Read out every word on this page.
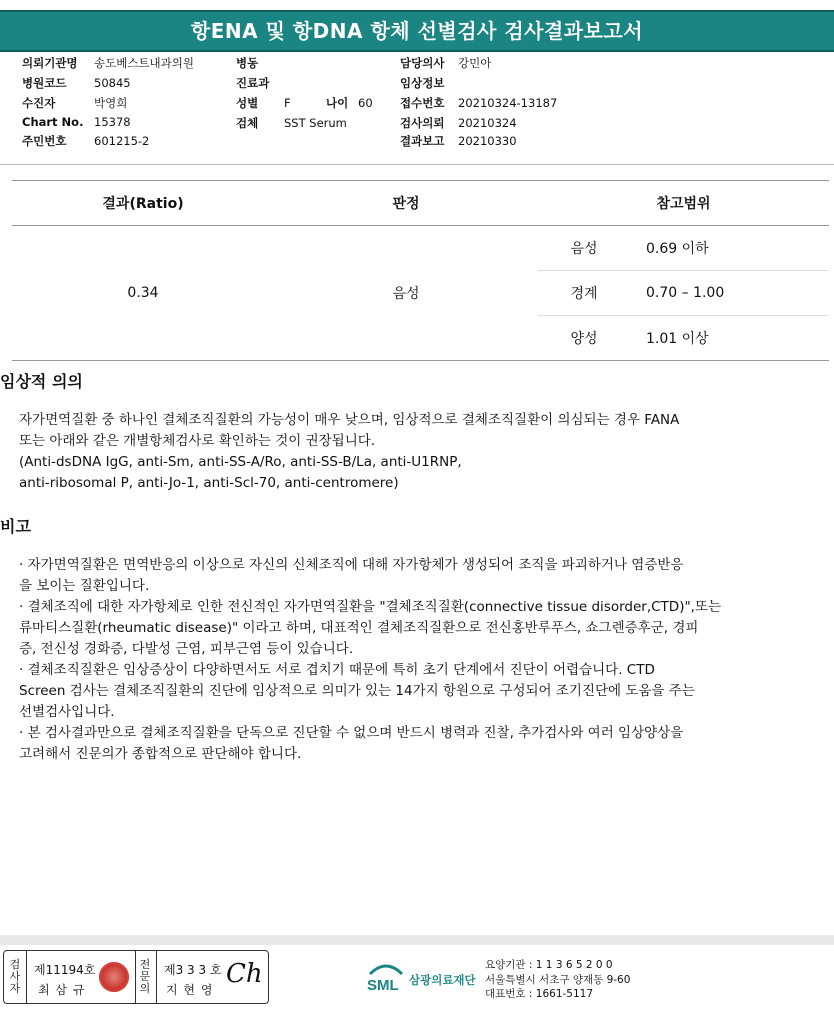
항ENA 및 항DNA 항체 선별검사 검사결과보고서
의뢰기관명 송도베스트내과의원
병원코드 50845
수진자	박영희
Chart No. 15378
주민번호 601215-2
병동
진료과
성별 F
검체 SST Serum
나이 60
담당의사 강민아
임상정보
접수번호 20210324-13187
검사의뢰 20210324
결과보고 20210330
결과(Ratio)	판정	참고범위	
0.34	음성	음성	0.69 이하
		경계	0.70 – 1.00
		양성	1.01 이상
임상적 의의
자가면역질환 중 하나인 결체조직질환의 가능성이 매우 낮으며, 임상적으로 결체조직질환이 의심되는 경우 FANA
또는 아래와 같은 개별항체검사로 확인하는 것이 권장됩니다.
(Anti-dsDNA IgG, anti-Sm, anti-SS-A/Ro, anti-SS-B/La, anti-U1RNP,
anti-ribosomal P, anti-Jo-1, anti-Scl-70, anti-centromere)
비고
· 자가면역질환은 면역반응의 이상으로 자신의 신체조직에 대해 자가항체가 생성되어 조직을 파괴하거나 염증반응
을 보이는 질환입니다.
· 결체조직에 대한 자가항체로 인한 전신적인 자가면역질환을 "결체조직질환(connective tissue disorder,CTD)",또는
류마티스질환(rheumatic disease)" 이라고 하며, 대표적인 결체조직질환으로 전신홍반루푸스, 쇼그렌증후군, 경피
증, 전신성 경화증, 다발성 근염, 피부근염 등이 있습니다.
· 결체조직질환은 임상증상이 다양하면서도 서로 겹치기 때문에 특히 초기 단계에서 진단이 어렵습니다. CTD
Screen 검사는 결체조직질환의 진단에 임상적으로 의미가 있는 14가지 항원으로 구성되어 조기진단에 도움을 주는
선별검사입니다.
· 본 검사결과만으로 결체조직질환을 단독으로 진단할 수 없으며 반드시 병력과 진찰, 추가검사와 여러 임상양상을
고려해서 진문의가 종합적으로 판단해야 합니다.
검사자
제11194호
최 삼 규
전문의
제3 3 3 호
지 현 영
Ch	SML 삼광의료재단
요양기관 : 1 1 3 6 5 2 0 0
서울특별시 서초구 양재동 9-60
대표번호 : 1661-5117
